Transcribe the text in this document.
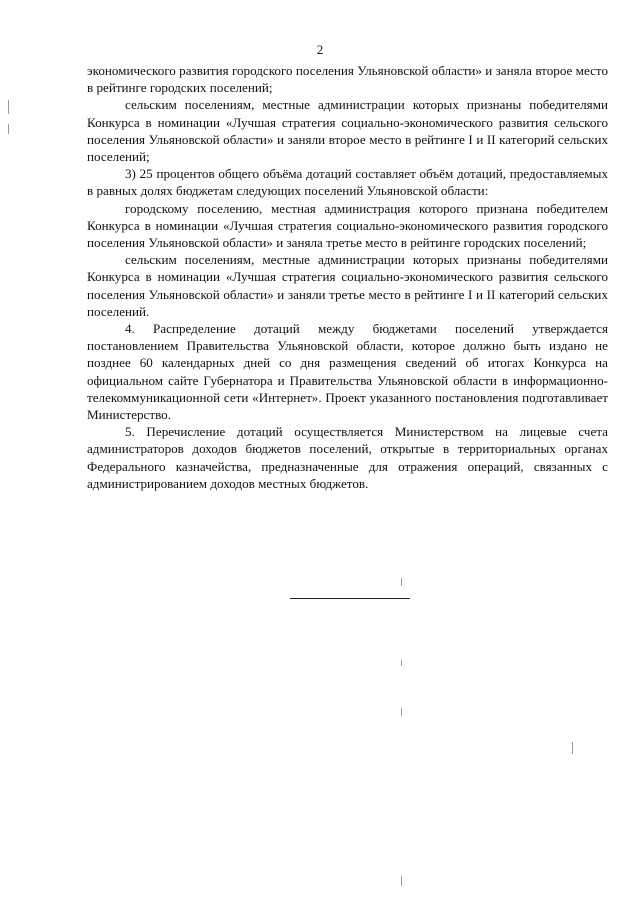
2

экономического развития городского поселения Ульяновской области» и заняла второе место в рейтинге городских поселений;

сельским поселениям, местные администрации которых признаны победителями Конкурса в номинации «Лучшая стратегия социально-экономического развития сельского поселения Ульяновской области» и заняли второе место в рейтинге I и II категорий сельских поселений;

3) 25 процентов общего объёма дотаций составляет объём дотаций, предоставляемых в равных долях бюджетам следующих поселений Ульяновской области:

городскому поселению, местная администрация которого признана победителем Конкурса в номинации «Лучшая стратегия социально-экономического развития городского поселения Ульяновской области» и заняла третье место в рейтинге городских поселений;

сельским поселениям, местные администрации которых признаны победителями Конкурса в номинации «Лучшая стратегия социально-экономического развития сельского поселения Ульяновской области» и заняли третье место в рейтинге I и II категорий сельских поселений.

4. Распределение дотаций между бюджетами поселений утверждается постановлением Правительства Ульяновской области, которое должно быть издано не позднее 60 календарных дней со дня размещения сведений об итогах Конкурса на официальном сайте Губернатора и Правительства Ульяновской области в информационно-телекоммуникационной сети «Интернет». Проект указанного постановления подготавливает Министерство.

5. Перечисление дотаций осуществляется Министерством на лицевые счета администраторов доходов бюджетов поселений, открытые в территориальных органах Федерального казначейства, предназначенные для отражения операций, связанных с администрированием доходов местных бюджетов.
